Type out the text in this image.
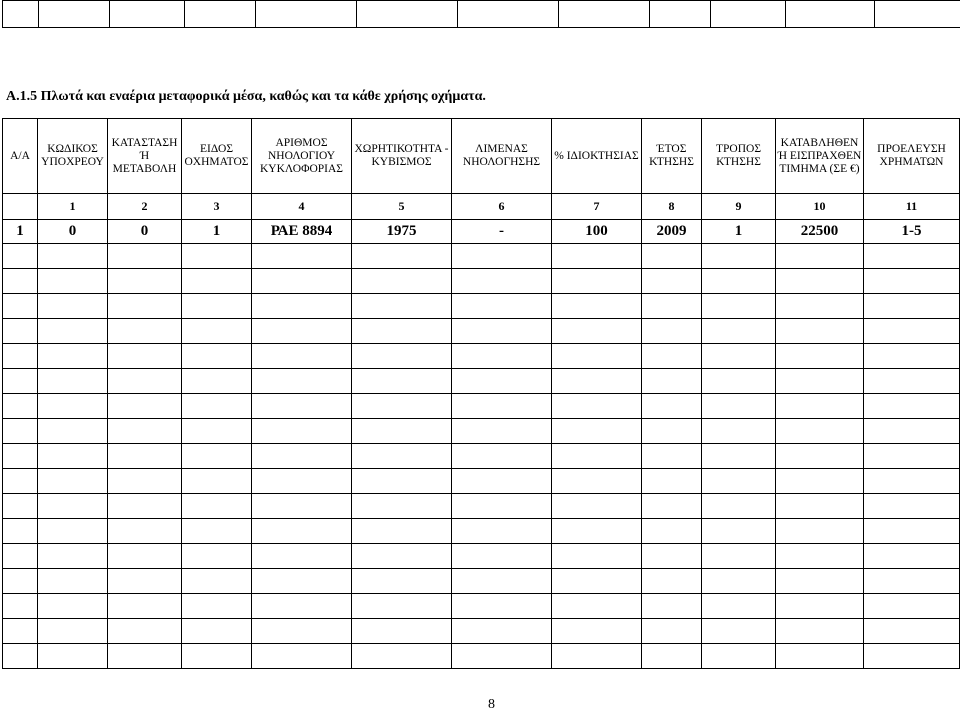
Α.1.5 Πλωτά και εναέρια μεταφορικά μέσα, καθώς και τα κάθε χρήσης οχήματα.
Α/Α	ΚΩΔΙΚΟΣ ΥΠΟΧΡΕΟΥ	ΚΑΤΑΣΤΑΣΗ Ή ΜΕΤΑΒΟΛΗ	ΕΙΔΟΣ ΟΧΗΜΑΤΟΣ	ΑΡΙΘΜΟΣ ΝΗΟΛΟΓΙΟΥ ΚΥΚΛΟΦΟΡΙΑΣ	ΧΩΡΗΤΙΚΟΤΗΤΑ - ΚΥΒΙΣΜΟΣ	ΛΙΜΕΝΑΣ ΝΗΟΛΟΓΗΣΗΣ	% ΙΔΙΟΚΤΗΣΙΑΣ	ΈΤΟΣ ΚΤΗΣΗΣ	ΤΡΟΠΟΣ ΚΤΗΣΗΣ	ΚΑΤΑΒΛΗΘΕΝ Ή ΕΙΣΠΡΑΧΘΕΝ ΤΙΜΗΜΑ (ΣΕ €)	ΠΡΟΕΛΕΥΣΗ ΧΡΗΜΑΤΩΝ
	1	2	3	4	5	6	7	8	9	10	11
1	0	0	1	ΡΑΕ 8894	1975	-	100	2009	1	22500	1-5

8
